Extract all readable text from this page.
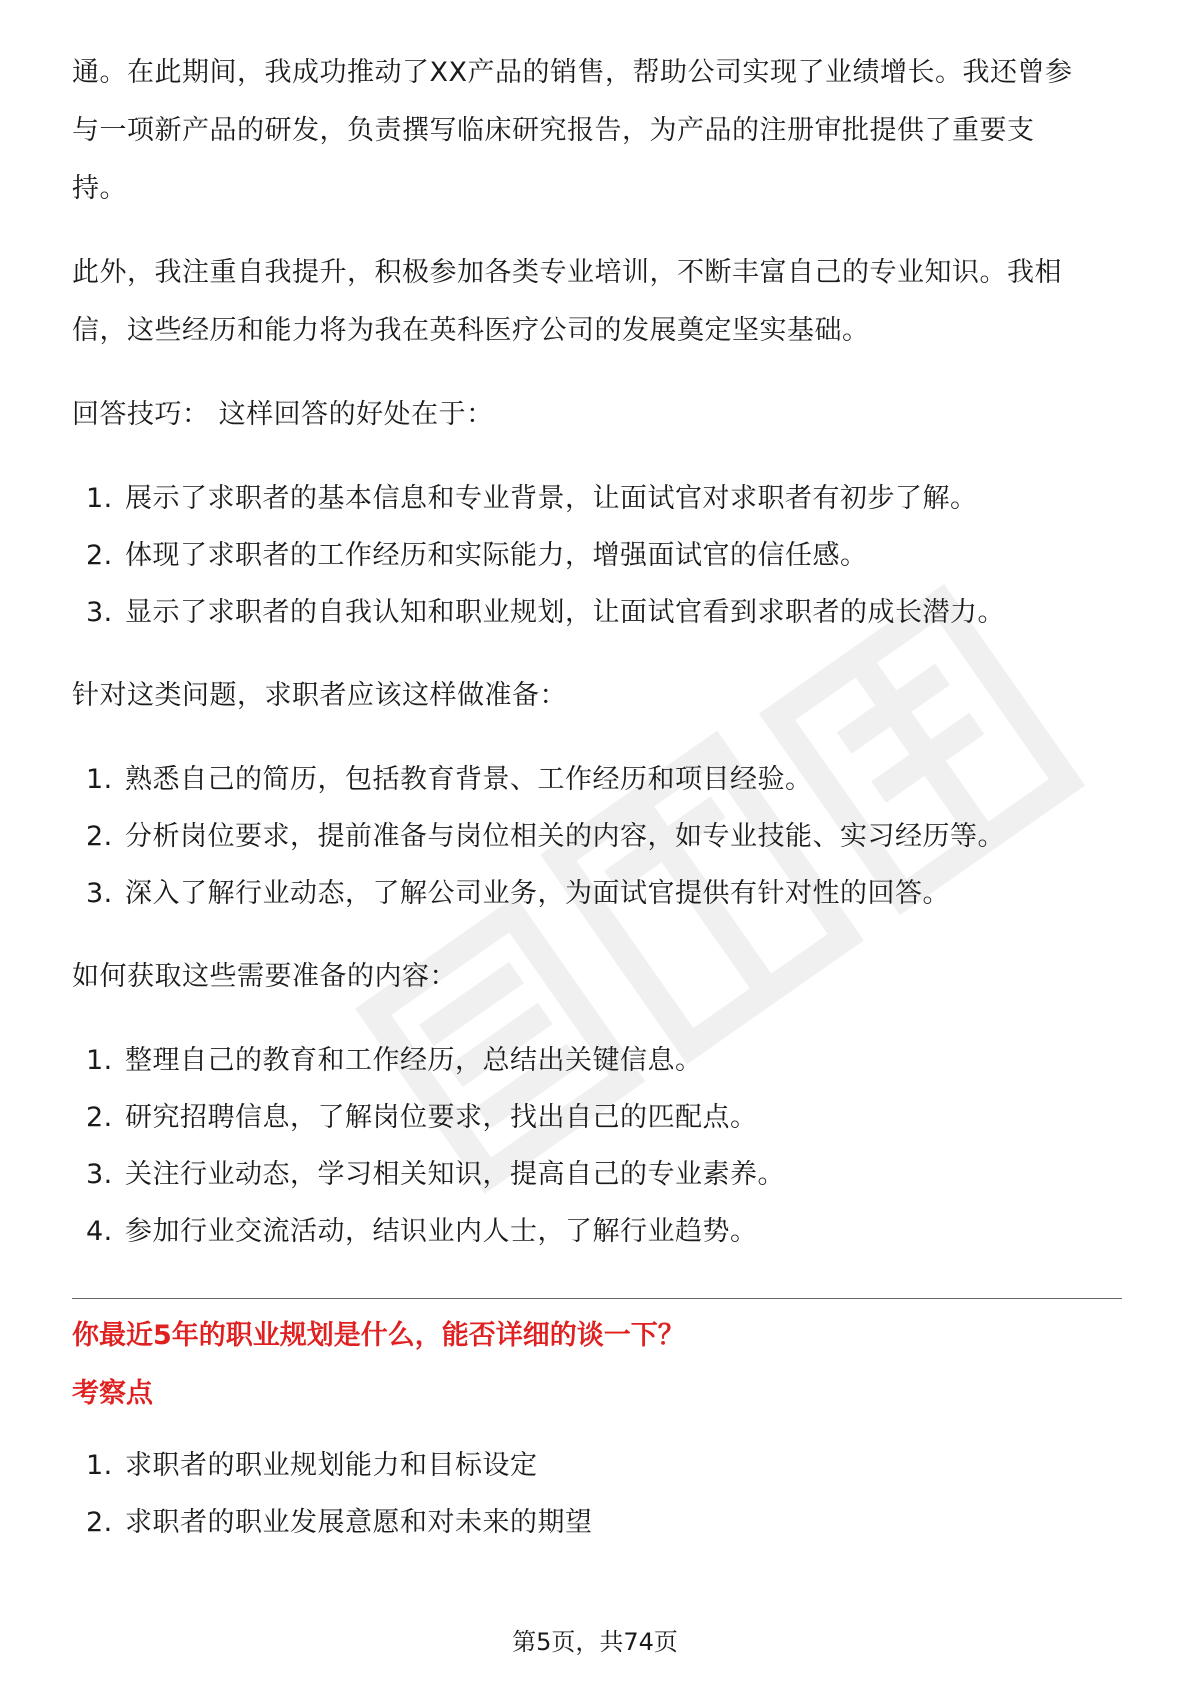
通。在此期间，我成功推动了XX产品的销售，帮助公司实现了业绩增长。我还曾参

与一项新产品的研发，负责撰写临床研究报告，为产品的注册审批提供了重要支

持。

此外，我注重自我提升，积极参加各类专业培训，不断丰富自己的专业知识。我相

信，这些经历和能力将为我在英科医疗公司的发展奠定坚实基础。

回答技巧： 这样回答的好处在于：

1. 展示了求职者的基本信息和专业背景，让面试官对求职者有初步了解。
2. 体现了求职者的工作经历和实际能力，增强面试官的信任感。
3. 显示了求职者的自我认知和职业规划，让面试官看到求职者的成长潜力。

针对这类问题，求职者应该这样做准备：

1. 熟悉自己的简历，包括教育背景、工作经历和项目经验。
2. 分析岗位要求，提前准备与岗位相关的内容，如专业技能、实习经历等。
3. 深入了解行业动态，了解公司业务，为面试官提供有针对性的回答。

如何获取这些需要准备的内容：

1. 整理自己的教育和工作经历，总结出关键信息。
2. 研究招聘信息，了解岗位要求，找出自己的匹配点。
3. 关注行业动态，学习相关知识，提高自己的专业素养。
4. 参加行业交流活动，结识业内人士，了解行业趋势。

你最近5年的职业规划是什么，能否详细的谈一下？

考察点

1. 求职者的职业规划能力和目标设定
2. 求职者的职业发展意愿和对未来的期望
第5页，共74页
